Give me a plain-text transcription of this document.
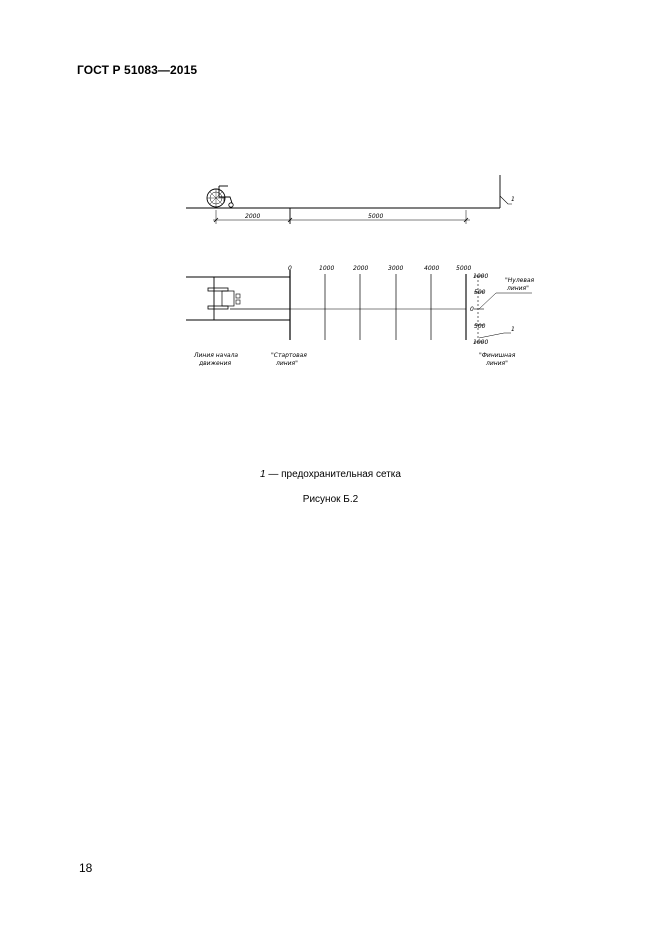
ГОСТ Р 51083—2015
1
2000	5000
0	1000	2000	3000	4000	5000
1000
500
0
500
1000
"Нулевая
линия"
1
Линия начала
движения
"Стартовая
линия"
"Финишная
линия"
1 — предохранительная сетка
Рисунок Б.2
18
